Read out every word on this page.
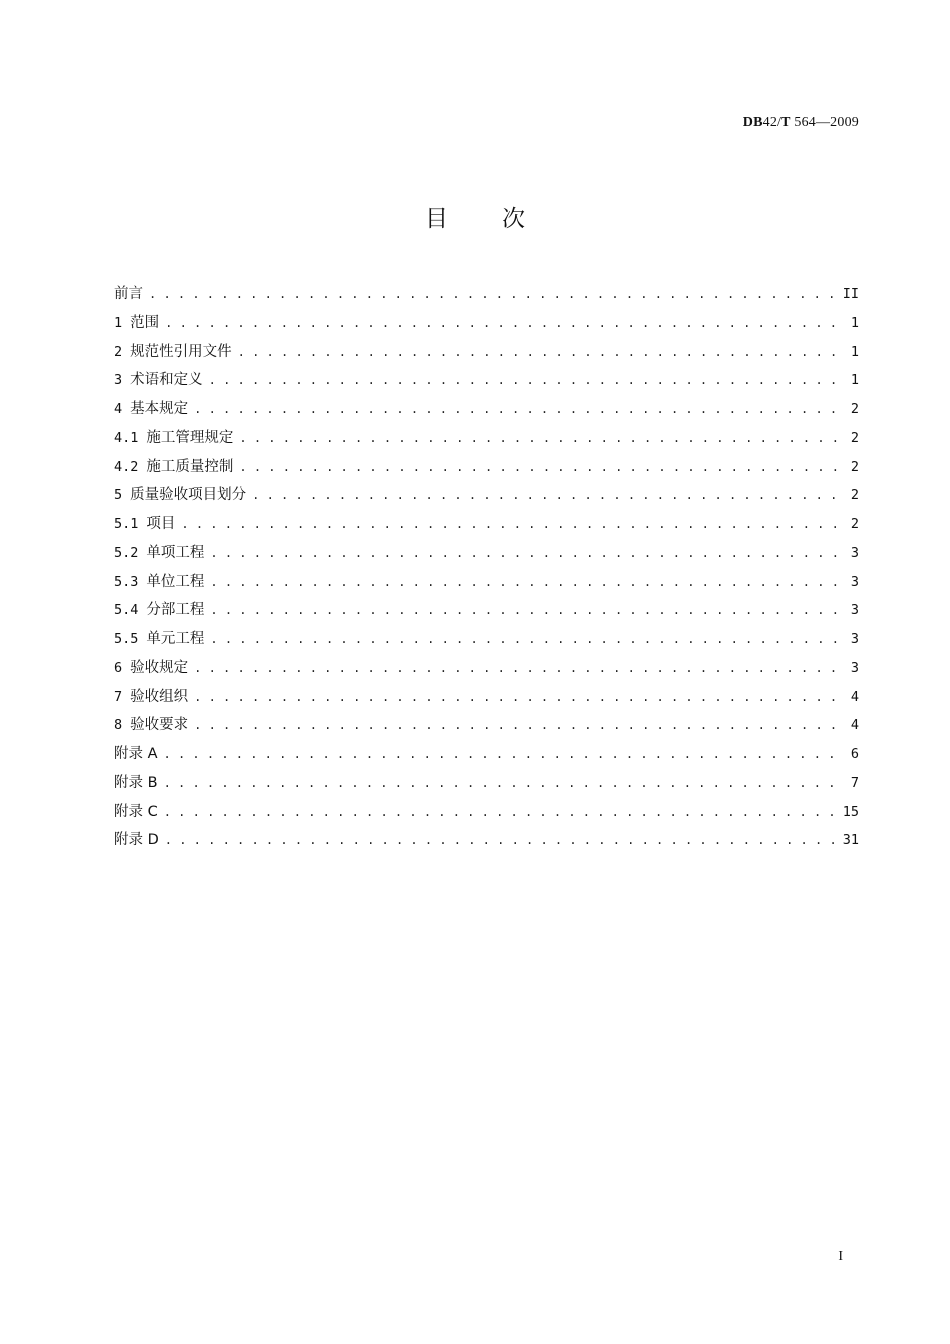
DB42/T 564—2009
目 次
前言 . . .	II
1 范围 . . .	1
2 规范性引用文件 . . .	1
3 术语和定义 . . .	1
4 基本规定 . . .	2
4.1 施工管理规定 . . .	2
4.2 施工质量控制 . . .	2
5 质量验收项目划分 . . .	2
5.1 项目 . . .	2
5.2 单项工程 . . .	3
5.3 单位工程 . . .	3
5.4 分部工程 . . .	3
5.5 单元工程 . . .	3
6 验收规定 . . .	3
7 验收组织 . . .	4
8 验收要求 . . .	4
附录 A . . .	6
附录 B . . .	7
附录 C . . .	15
附录 D . . .	31
I
